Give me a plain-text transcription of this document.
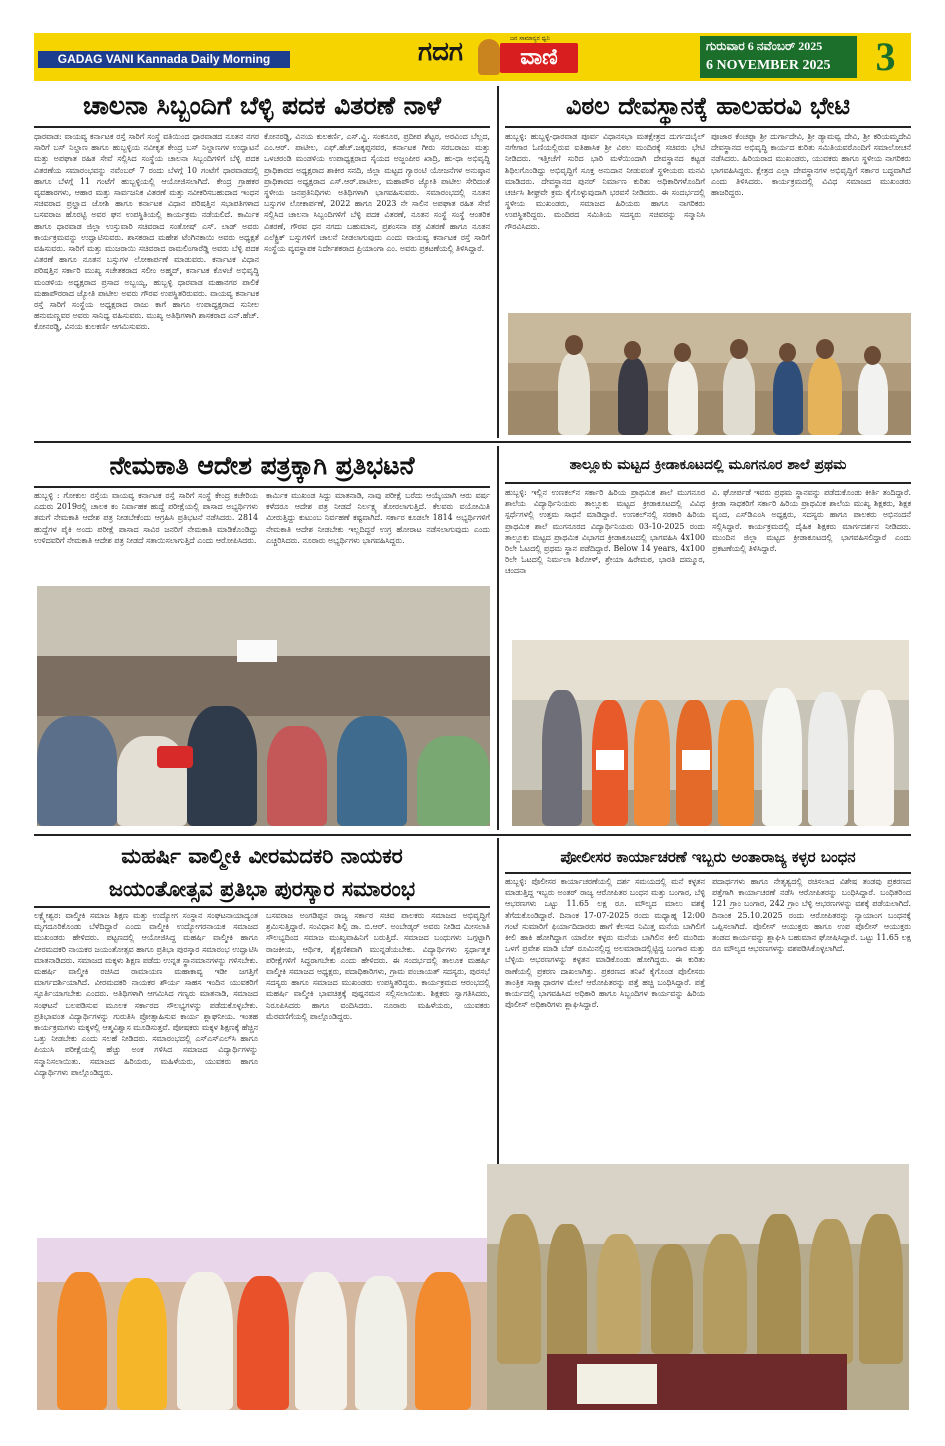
GADAG VANI Kannada Daily Morning	ಗದಗ	ಜನ ಸಾಮಾನ್ಯರ ಧ್ವನಿ
ವಾಣಿ	ಗುರುವಾರ 6 ನವೆಂಬರ್ 2025
6 NOVEMBER 2025	3
ಚಾಲನಾ ಸಿಬ್ಬಂದಿಗೆ ಬೆಳ್ಳಿ ಪದಕ ವಿತರಣೆ ನಾಳೆ
ಧಾರವಾಡ: ವಾಯವ್ಯ ಕರ್ನಾಟಕ ರಸ್ತೆ ಸಾರಿಗೆ ಸಂಸ್ಥೆ ವತಿಯಿಂದ ಧಾರವಾಡದ ನೂತನ ನಗರ ಸಾರಿಗೆ ಬಸ್ ನಿಲ್ದಾಣ ಹಾಗೂ ಹುಬ್ಬಳ್ಳಿಯ ನವೀಕೃತ ಕೇಂದ್ರ ಬಸ್ ನಿಲ್ದಾಣಗಳ ಉದ್ಘಾಟನೆ ಮತ್ತು ಅಪಘಾತ ರಹಿತ ಸೇವೆ ಸಲ್ಲಿಸಿದ ಸಂಸ್ಥೆಯ ಚಾಲನಾ ಸಿಬ್ಬಂದಿಗಳಿಗೆ ಬೆಳ್ಳಿ ಪದಕ ವಿತರಣೆಯ ಸಮಾರಂಭವನ್ನು ನವೆಂಬರ್ 7 ರಂದು ಬೆಳಗ್ಗೆ 10 ಗಂಟೆಗೆ ಧಾರವಾಡದಲ್ಲಿ ಹಾಗೂ ಬೆಳಗ್ಗೆ 11 ಗಂಟೆಗೆ ಹುಬ್ಬಳ್ಳಿಯಲ್ಲಿ ಆಯೋಜಿಸಲಾಗಿದೆ. ಕೇಂದ್ರ ಗ್ರಾಹಕರ ವ್ಯವಹಾರಗಳು, ಆಹಾರ ಮತ್ತು ಸಾರ್ವಜನಿಕ ವಿತರಣೆ ಮತ್ತು ನವೀಕರಿಸಬಹುದಾದ ಇಂಧನ ಸಚಿವರಾದ ಪ್ರಲ್ಹಾದ ಜೋಶಿ ಹಾಗೂ ಕರ್ನಾಟಕ ವಿಧಾನ ಪರಿಷತ್ತಿನ ಸಭಾಪತಿಗಳಾದ ಬಸವರಾಜ ಹೊರಟ್ಟಿ ಅವರ ಘನ ಉಪಸ್ಥಿತಿಯಲ್ಲಿ ಕಾರ್ಯಕ್ರಮ ನಡೆಯಲಿದೆ. ಕಾರ್ಮಿಕ ಹಾಗೂ ಧಾರವಾಡ ಜಿಲ್ಲಾ ಉಸ್ತುವಾರಿ ಸಚಿವರಾದ ಸಂತೋಷ್ ಎಸ್. ಲಾಡ್ ಅವರು ಕಾರ್ಯಕ್ರಮವನ್ನು ಉದ್ಘಾಟಿಸುವರು. ಶಾಸಕರಾದ ಮಹೇಶ ಟೆಂಗಿನಕಾಯಿ ಅವರು ಅಧ್ಯಕ್ಷತೆ ವಹಿಸುವರು. ಸಾರಿಗೆ ಮತ್ತು ಮುಜರಾಯಿ ಸಚಿವರಾದ ರಾಮಲಿಂಗಾರೆಡ್ಡಿ ಅವರು ಬೆಳ್ಳಿ ಪದಕ ವಿತರಣೆ ಹಾಗೂ ನೂತನ ಬಸ್ಸುಗಳ ಲೋಕಾರ್ಪಣೆ ಮಾಡುವರು. ಕರ್ನಾಟಕ ವಿಧಾನ ಪರಿಷತ್ತಿನ ಸರ್ಕಾರಿ ಮುಖ್ಯ ಸಚೇತಕರಾದ ಸಲೀಂ ಅಹ್ಮದ್, ಕರ್ನಾಟಕ ಕೊಳಚೆ ಅಭಿವೃದ್ಧಿ ಮಂಡಳಿಯ ಅಧ್ಯಕ್ಷರಾದ ಪ್ರಸಾದ ಅಬ್ಬಯ್ಯ, ಹುಬ್ಬಳ್ಳಿ ಧಾರವಾಡ ಮಹಾನಗರ ಪಾಲಿಕೆ ಮಹಾಪೌರರಾದ ಜ್ಯೋತಿ ಪಾಟೀಲ ಅವರು ಗೌರವ ಉಪಸ್ಥಿತರಿರುವರು. ವಾಯವ್ಯ ಕರ್ನಾಟಕ ರಸ್ತೆ ಸಾರಿಗೆ ಸಂಸ್ಥೆಯ ಅಧ್ಯಕ್ಷರಾದ ರಾಜು ಕಾಗೆ ಹಾಗೂ ಉಪಾಧ್ಯಕ್ಷರಾದ ಸುನೀಲ ಹನುಮಣ್ಣವರ ಅವರು ಸಾನಿಧ್ಯ ವಹಿಸುವರು. ಮುಖ್ಯ ಅತಿಥಿಗಳಾಗಿ ಶಾಸಕರಾದ ಎನ್.ಹೆಚ್. ಕೋನರಡ್ಡಿ, ವಿನಯ ಕುಲಕರ್ಣಿ ಆಗಮಿಸುವರು.
ಕೋನರಡ್ಡಿ, ವಿನಯ ಕುಲಕರ್ಣಿ, ಎಸ್.ವ್ಹಿ. ಸಂಕನೂರ, ಪ್ರದೀಪ ಶೆಟ್ಟರ, ಅರವಿಂದ ಬೆಲ್ಲದ, ಎಂ.ಆರ್. ಪಾಟೀಲ, ಎಫ್.ಹೆಚ್.ಜಕ್ಕಪ್ಪನವರ, ಕರ್ನಾಟಕ ಗೀರು ಸರಬರಾಜು ಮತ್ತು ಒಳಚರಂಡಿ ಮಂಡಳಿಯ ಉಪಾಧ್ಯಕ್ಷರಾದ ಸೈಯದ ಅಜ್ಜಂಪೀರ ಖಾದ್ರಿ, ಹು-ಧಾ ಅಭಿವೃದ್ಧಿ ಪ್ರಾಧಿಕಾರದ ಅಧ್ಯಕ್ಷರಾದ ಶಾಕೀರ ಸನದಿ, ಜಿಲ್ಲಾ ಮಟ್ಟದ ಗ್ಯಾರಂಟಿ ಯೋಜನೆಗಳ ಅನುಷ್ಠಾನ ಪ್ರಾಧಿಕಾರದ ಅಧ್ಯಕ್ಷರಾದ ಎಸ್.ಆರ್.ಪಾಟೀಲ, ಮಹಾಪೌರ ಜ್ಯೋತಿ ಪಾಟೀಲ ಸೇರಿದಂತೆ ಸ್ಥಳೀಯ ಜನಪ್ರತಿನಿಧಿಗಳು ಅತಿಥಿಗಳಾಗಿ ಭಾಗವಹಿಸುವರು. ಸಮಾರಂಭದಲ್ಲಿ ನೂತನ ಬಸ್ಸುಗಳ ಲೋಕಾರ್ಪಣೆ, 2022 ಹಾಗೂ 2023 ನೇ ಸಾಲಿನ ಅಪಘಾತ ರಹಿತ ಸೇವೆ ಸಲ್ಲಿಸಿದ ಚಾಲನಾ ಸಿಬ್ಬಂದಿಗಳಿಗೆ ಬೆಳ್ಳಿ ಪದಕ ವಿತರಣೆ, ನೂತನ ಸಂಸ್ಥೆ ಸಂಸ್ಥೆ ಆಂತರಿಕ ವಿತರಣೆ, ಗೌರವ ಧನ ನಗದು ಬಹುಮಾನ, ಪ್ರಶಂಸನಾ ಪತ್ರ ವಿತರಣೆ ಹಾಗೂ ನೂತನ ಎಲೆಕ್ಟ್ರಿಕ್ ಬಸ್ಸುಗಳಿಗೆ ಚಾಲನೆ ನೀಡಲಾಗುವುದು ಎಂದು ವಾಯವ್ಯ ಕರ್ನಾಟಕ ರಸ್ತೆ ಸಾರಿಗೆ ಸಂಸ್ಥೆಯ ವ್ಯವಸ್ಥಾಪಕ ನಿರ್ದೇಶಕರಾದ ಪ್ರಿಯಾಂಗಾ ಎಂ. ಅವರು ಪ್ರಕಟಣೆಯಲ್ಲಿ ತಿಳಿಸಿದ್ದಾರೆ.
ವಿಠಲ ದೇವಸ್ಥಾನಕ್ಕೆ ಹಾಲಹರವಿ ಭೇಟಿ
ಹುಬ್ಬಳ್ಳಿ: ಹುಬ್ಬಳ್ಳಿ-ಧಾರವಾಡ ಪೂರ್ವ ವಿಧಾನಸಭಾ ಮತಕ್ಷೇತ್ರದ ದುರ್ಗದಬೈಲ್ ನಗೇಗಾರ ಓಣಿಯಲ್ಲಿರುವ ಐತಿಹಾಸಿಕ ಶ್ರೀ ವಿಠಲ ಮಂದಿರಕ್ಕೆ ಸಚಿವರು ಭೇಟಿ ನೀಡಿದರು. ಇತ್ತೀಚೆಗೆ ಸುರಿದ ಭಾರಿ ಮಳೆಯಿಂದಾಗಿ ದೇವಸ್ಥಾನದ ಕಟ್ಟಡ ಶಿಥಿಲಗೊಂಡಿದ್ದು ಅಭಿವೃದ್ಧಿಗೆ ಸೂಕ್ತ ಅನುದಾನ ನೀಡುವಂತೆ ಸ್ಥಳೀಯರು ಮನವಿ ಮಾಡಿದರು. ದೇವಸ್ಥಾನದ ಪುನರ್ ನಿರ್ಮಾಣ ಕುರಿತು ಅಧಿಕಾರಿಗಳೊಂದಿಗೆ ಚರ್ಚಿಸಿ ಶೀಘ್ರವೇ ಕ್ರಮ ಕೈಗೊಳ್ಳುವುದಾಗಿ ಭರವಸೆ ನೀಡಿದರು. ಈ ಸಂದರ್ಭದಲ್ಲಿ ಸ್ಥಳೀಯ ಮುಖಂಡರು, ಸಮಾಜದ ಹಿರಿಯರು ಹಾಗೂ ನಾಗರಿಕರು ಉಪಸ್ಥಿತರಿದ್ದರು. ಮಂದಿರದ ಸಮಿತಿಯ ಸದಸ್ಯರು ಸಚಿವರನ್ನು ಸನ್ಮಾನಿಸಿ ಗೌರವಿಸಿದರು.
ಪೂಜಾರ ಕೆಂಚಪ್ಪಾ ಶ್ರೀ ದುರ್ಗಾದೇವಿ, ಶ್ರೀ ಡ್ಯಾಮವ್ವ ದೇವಿ, ಶ್ರೀ ಕರಿಯಮ್ಮದೇವಿ ದೇವಸ್ಥಾನದ ಅಭಿವೃದ್ಧಿ ಕಾರ್ಯದ ಕುರಿತು ಸಮಿತಿಯವರೊಂದಿಗೆ ಸಮಾಲೋಚನೆ ನಡೆಸಿದರು. ಹಿರಿಯರಾದ ಮುಖಂಡರು, ಯುವಕರು ಹಾಗೂ ಸ್ಥಳೀಯ ನಾಗರಿಕರು ಭಾಗವಹಿಸಿದ್ದರು. ಕ್ಷೇತ್ರದ ಎಲ್ಲಾ ದೇವಸ್ಥಾನಗಳ ಅಭಿವೃದ್ಧಿಗೆ ಸರ್ಕಾರ ಬದ್ಧವಾಗಿದೆ ಎಂದು ತಿಳಿಸಿದರು. ಕಾರ್ಯಕ್ರಮದಲ್ಲಿ ವಿವಿಧ ಸಮಾಜದ ಮುಖಂಡರು ಹಾಜರಿದ್ದರು.
ನೇಮಕಾತಿ ಆದೇಶ ಪತ್ರಕ್ಕಾಗಿ ಪ್ರತಿಭಟನೆ
ಹುಬ್ಬಳ್ಳಿ : ಗೋಕುಲ ರಸ್ತೆಯ ವಾಯವ್ಯ ಕರ್ನಾಟಕ ರಸ್ತೆ ಸಾರಿಗೆ ಸಂಸ್ಥೆ ಕೇಂದ್ರ ಕಚೇರಿಯ ಎದುರು 2019ರಲ್ಲಿ ಚಾಲಕ ಕಂ ನಿರ್ವಾಹಕ ಹುದ್ದೆ ಪರೀಕ್ಷೆಯಲ್ಲಿ ಪಾಸಾದ ಅಭ್ಯರ್ಥಿಗಳು ತಮಗೆ ನೇಮಕಾತಿ ಆದೇಶ ಪತ್ರ ನೀಡಬೇಕೆಂದು ಆಗ್ರಹಿಸಿ ಪ್ರತಿಭಟನೆ ನಡೆಸಿದರು. 2814 ಹುದ್ದೆಗಳ ಪೈಕಿ ಅಂದು ಪರೀಕ್ಷೆ ಪಾಸಾದ ಸಾವಿರ ಜನರಿಗೆ ನೇಮಕಾತಿ ಮಾಡಿಕೊಂಡಿದ್ದು ಉಳಿದವರಿಗೆ ನೇಮಕಾತಿ ಆದೇಶ ಪತ್ರ ನೀಡದೆ ಸತಾಯಿಸಲಾಗುತ್ತಿದೆ ಎಂದು ಆರೋಪಿಸಿದರು.
ಕಾರ್ಮಿಕ ಮುಖಂಡ ಸಿದ್ದು ಮಾತನಾಡಿ, ನಾವು ಪರೀಕ್ಷೆ ಬರೆದು ಆಯ್ಕೆಯಾಗಿ ಆರು ವರ್ಷ ಕಳೆದರೂ ಆದೇಶ ಪತ್ರ ನೀಡದೆ ನಿರ್ಲಕ್ಷ್ಯ ತೋರಲಾಗುತ್ತಿದೆ. ಕೆಲವರು ವಯೋಮಿತಿ ಮೀರುತ್ತಿದ್ದು ಕುಟುಂಬ ನಿರ್ವಹಣೆ ಕಷ್ಟವಾಗಿದೆ. ಸರ್ಕಾರ ಕೂಡಲೇ 1814 ಅಭ್ಯರ್ಥಿಗಳಿಗೆ ನೇಮಕಾತಿ ಆದೇಶ ನೀಡಬೇಕು ಇಲ್ಲದಿದ್ದರೆ ಉಗ್ರ ಹೋರಾಟ ನಡೆಸಲಾಗುವುದು ಎಂದು ಎಚ್ಚರಿಸಿದರು. ನೂರಾರು ಅಭ್ಯರ್ಥಿಗಳು ಭಾಗವಹಿಸಿದ್ದರು.
ತಾಲ್ಲೂಕು ಮಟ್ಟದ ಕ್ರೀಡಾಕೂಟದಲ್ಲಿ ಮೂಗನೂರ ಶಾಲೆ ಪ್ರಥಮ
ಹುಬ್ಬಳ್ಳಿ: ಇಲ್ಲಿನ ಉಣಕಲ್‌ನ ಸರ್ಕಾರಿ ಹಿರಿಯ ಪ್ರಾಥಮಿಕ ಶಾಲೆ ಮುಗನೂರ ಶಾಲೆಯ ವಿದ್ಯಾರ್ಥಿನಿಯರು ತಾಲ್ಲೂಕು ಮಟ್ಟದ ಕ್ರೀಡಾಕೂಟದಲ್ಲಿ ವಿವಿಧ ಸ್ಪರ್ಧೆಗಳಲ್ಲಿ ಉತ್ತಮ ಸಾಧನೆ ಮಾಡಿದ್ದಾರೆ. ಉಣಕಲ್‌ನಲ್ಲಿ ಸರಕಾರಿ ಹಿರಿಯ ಪ್ರಾಥಮಿಕ ಶಾಲೆ ಮುಗನೂರದ ವಿದ್ಯಾರ್ಥಿನಿಯರು 03-10-2025 ರಂದು ತಾಲ್ಲೂಕು ಮಟ್ಟದ ಪ್ರಾಥಮಿಕ ವಿಭಾಗದ ಕ್ರೀಡಾಕೂಟದಲ್ಲಿ ಭಾಗವಹಿಸಿ 4x100 ರಿಲೇ ಓಟದಲ್ಲಿ ಪ್ರಥಮ ಸ್ಥಾನ ಪಡೆದಿದ್ದಾರೆ. Below 14 years, 4x100 ರಿಲೇ ಓಟದಲ್ಲಿ ನಿರ್ಮಲಾ ಶಿರೋಳ್, ಶ್ರೇಯಾ ಹಿರೇಮಠ, ಭಾರತಿ ದಮ್ಮೂರ, ಚಂದನಾ
ವಿ. ಘೋರ್ಪಡೆ ಇವರು ಪ್ರಥಮ ಸ್ಥಾನವನ್ನು ಪಡೆದುಕೊಂಡು ಕೀರ್ತಿ ತಂದಿದ್ದಾರೆ. ಕ್ರೀಡಾ ಸಾಧಕರಿಗೆ ಸರ್ಕಾರಿ ಹಿರಿಯ ಪ್ರಾಥಮಿಕ ಶಾಲೆಯ ಮುಖ್ಯ ಶಿಕ್ಷಕರು, ಶಿಕ್ಷಕ ವೃಂದ, ಎಸ್‌ಡಿಎಂಸಿ ಅಧ್ಯಕ್ಷರು, ಸದಸ್ಯರು ಹಾಗೂ ಪಾಲಕರು ಅಭಿನಂದನೆ ಸಲ್ಲಿಸಿದ್ದಾರೆ. ಕಾರ್ಯಕ್ರಮದಲ್ಲಿ ದೈಹಿಕ ಶಿಕ್ಷಕರು ಮಾರ್ಗದರ್ಶನ ನೀಡಿದರು. ಮುಂದಿನ ಜಿಲ್ಲಾ ಮಟ್ಟದ ಕ್ರೀಡಾಕೂಟದಲ್ಲಿ ಭಾಗವಹಿಸಲಿದ್ದಾರೆ ಎಂದು ಪ್ರಕಟಣೆಯಲ್ಲಿ ತಿಳಿಸಿದ್ದಾರೆ.
ಮಹರ್ಷಿ ವಾಲ್ಮೀಕಿ ವೀರಮದಕರಿ ನಾಯಕರ
ಜಯಂತೋತ್ಸವ ಪ್ರತಿಭಾ ಪುರಸ್ಕಾರ ಸಮಾರಂಭ
ಲಕ್ಷ್ಮೇಶ್ವರ: ವಾಲ್ಮೀಕಿ ಸಮಾಜ ಶಿಕ್ಷಣ ಮತ್ತು ಉದ್ಯೋಗ ಸಂಸ್ಥಾನ ಸಂಘಟನಾಯಾದ್ಯಂತ ಮೃಗದೂರಿಕೊಂಡು ಬೆಳೆದಿದ್ದಾರೆ ಎಂದು ವಾಲ್ಮೀಕಿ ಉದ್ಯೋಗರನಾಯಕ ಸಮಾಜದ ಮುಖಂಡರು ಹೇಳಿದರು. ಪಟ್ಟಣದಲ್ಲಿ ಆಯೋಜಿಸಿದ್ದ ಮಹರ್ಷಿ ವಾಲ್ಮೀಕಿ ಹಾಗೂ ವೀರಮದಕರಿ ನಾಯಕರ ಜಯಂತೋತ್ಸವ ಹಾಗೂ ಪ್ರತಿಭಾ ಪುರಸ್ಕಾರ ಸಮಾರಂಭ ಉದ್ಘಾಟಿಸಿ ಮಾತನಾಡಿದರು. ಸಮಾಜದ ಮಕ್ಕಳು ಶಿಕ್ಷಣ ಪಡೆದು ಉನ್ನತ ಸ್ಥಾನಮಾನಗಳನ್ನು ಗಳಿಸಬೇಕು. ಮಹರ್ಷಿ ವಾಲ್ಮೀಕಿ ರಚಿಸಿದ ರಾಮಾಯಣ ಮಹಾಕಾವ್ಯ ಇಡೀ ಜಗತ್ತಿಗೆ ಮಾರ್ಗದರ್ಶಿಯಾಗಿದೆ. ವೀರಮದಕರಿ ನಾಯಕರ ಶೌರ್ಯ ಸಾಹಸ ಇಂದಿನ ಯುವಕರಿಗೆ ಸ್ಫೂರ್ತಿಯಾಗಬೇಕು ಎಂದರು. ಅತಿಥಿಗಳಾಗಿ ಆಗಮಿಸಿದ ಗಣ್ಯರು ಮಾತನಾಡಿ, ಸಮಾಜದ ಸಂಘಟನೆ ಬಲಪಡಿಸುವ ಮೂಲಕ ಸರ್ಕಾರದ ಸೌಲಭ್ಯಗಳನ್ನು ಪಡೆದುಕೊಳ್ಳಬೇಕು. ಪ್ರತಿಭಾವಂತ ವಿದ್ಯಾರ್ಥಿಗಳನ್ನು ಗುರುತಿಸಿ ಪ್ರೋತ್ಸಾಹಿಸುವ ಕಾರ್ಯ ಶ್ಲಾಘನೀಯ. ಇಂತಹ ಕಾರ್ಯಕ್ರಮಗಳು ಮಕ್ಕಳಲ್ಲಿ ಆತ್ಮವಿಶ್ವಾಸ ಮೂಡಿಸುತ್ತವೆ. ಪೋಷಕರು ಮಕ್ಕಳ ಶಿಕ್ಷಣಕ್ಕೆ ಹೆಚ್ಚಿನ ಒತ್ತು ನೀಡಬೇಕು ಎಂದು ಸಲಹೆ ನೀಡಿದರು. ಸಮಾರಂಭದಲ್ಲಿ ಎಸ್‌ಎಸ್‌ಎಲ್‌ಸಿ ಹಾಗೂ ಪಿಯುಸಿ ಪರೀಕ್ಷೆಯಲ್ಲಿ ಹೆಚ್ಚು ಅಂಕ ಗಳಿಸಿದ ಸಮಾಜದ ವಿದ್ಯಾರ್ಥಿಗಳನ್ನು ಸನ್ಮಾನಿಸಲಾಯಿತು. ಸಮಾಜದ ಹಿರಿಯರು, ಮಹಿಳೆಯರು, ಯುವಕರು ಹಾಗೂ ವಿದ್ಯಾರ್ಥಿಗಳು ಪಾಲ್ಗೊಂಡಿದ್ದರು.
ಬಸವರಾಜ ಅಂಗಡಿಪ್ಪನ ರಾಜ್ಯ ಸರ್ಕಾರ ಸಚಿವ ಪಾಲಕರು ಸಮಾಜದ ಅಭಿವೃದ್ಧಿಗೆ ಶ್ರಮಿಸುತ್ತಿದ್ದಾರೆ. ಸಂವಿಧಾನ ಶಿಲ್ಪಿ ಡಾ. ಬಿ.ಆರ್. ಅಂಬೇಡ್ಕರ್ ಅವರು ನೀಡಿದ ಮೀಸಲಾತಿ ಸೌಲಭ್ಯದಿಂದ ಸಮಾಜ ಮುಖ್ಯವಾಹಿನಿಗೆ ಬರುತ್ತಿದೆ. ಸಮಾಜದ ಬಂಧುಗಳು ಒಗ್ಗಟ್ಟಾಗಿ ರಾಜಕೀಯ, ಆರ್ಥಿಕ, ಶೈಕ್ಷಣಿಕವಾಗಿ ಮುನ್ನಡೆಯಬೇಕು. ವಿದ್ಯಾರ್ಥಿಗಳು ಸ್ಪರ್ಧಾತ್ಮಕ ಪರೀಕ್ಷೆಗಳಿಗೆ ಸಿದ್ಧರಾಗಬೇಕು ಎಂದು ಹೇಳಿದರು. ಈ ಸಂದರ್ಭದಲ್ಲಿ ತಾಲೂಕ ಮಹರ್ಷಿ ವಾಲ್ಮೀಕಿ ಸಮಾಜದ ಅಧ್ಯಕ್ಷರು, ಪದಾಧಿಕಾರಿಗಳು, ಗ್ರಾಮ ಪಂಚಾಯತ್ ಸದಸ್ಯರು, ಪುರಸಭೆ ಸದಸ್ಯರು ಹಾಗೂ ಸಮಾಜದ ಮುಖಂಡರು ಉಪಸ್ಥಿತರಿದ್ದರು. ಕಾರ್ಯಕ್ರಮದ ಆರಂಭದಲ್ಲಿ ಮಹರ್ಷಿ ವಾಲ್ಮೀಕಿ ಭಾವಚಿತ್ರಕ್ಕೆ ಪುಷ್ಪನಮನ ಸಲ್ಲಿಸಲಾಯಿತು. ಶಿಕ್ಷಕರು ಸ್ವಾಗತಿಸಿದರು, ನಿರೂಪಿಸಿದರು ಹಾಗೂ ವಂದಿಸಿದರು. ನೂರಾರು ಮಹಿಳೆಯರು, ಯುವಕರು ಮೆರವಣಿಗೆಯಲ್ಲಿ ಪಾಲ್ಗೊಂಡಿದ್ದರು.
ಪೋಲೀಸರ ಕಾರ್ಯಾಚರಣೆ ಇಬ್ಬರು ಅಂತಾರಾಜ್ಯ ಕಳ್ಳರ ಬಂಧನ
ಹುಬ್ಬಳ್ಳಿ: ಪೊಲೀಸರ ಕಾರ್ಯಾಚರಣೆಯಲ್ಲಿ ದರ್ಶ ಸಮಯದಲ್ಲಿ ಮನೆ ಕಳ್ಳತನ ಮಾಡುತ್ತಿದ್ದ ಇಬ್ಬರು ಅಂತರ್ ರಾಜ್ಯ ಆರೋಪಿತರ ಬಂಧನ ಮತ್ತು ಬಂಗಾರ, ಬೆಳ್ಳಿ ಆಭರಣಗಳು ಒಟ್ಟು 11.65 ಲಕ್ಷ ರೂ. ಮೌಲ್ಯದ ಮಾಲು ವಶಕ್ಕೆ ತೆಗೆದುಕೊಂಡಿದ್ದಾರೆ. ದಿನಾಂಕ 17-07-2025 ರಂದು ಮಧ್ಯಾಹ್ನ 12:00 ಗಂಟೆ ಸುಮಾರಿಗೆ ಫಿರ್ಯಾದಿದಾರರು ಹಾಗೆ ಕೆಲಸದ ನಿಮಿತ್ತ ಮನೆಯ ಬಾಗಿಲಿಗೆ ಕೀಲಿ ಹಾಕಿ ಹೋಗಿದ್ದಾಗ ಯಾರೋ ಕಳ್ಳರು ಮನೆಯ ಬಾಗಿಲಿನ ಕೀಲಿ ಮುರಿದು ಒಳಗೆ ಪ್ರವೇಶ ಮಾಡಿ ಬೆಡ್ ರೂಮಿನಲ್ಲಿದ್ದ ಅಲಮಾರಾದಲ್ಲಿಟ್ಟಿದ್ದ ಬಂಗಾರ ಮತ್ತು ಬೆಳ್ಳಿಯ ಆಭರಣಗಳನ್ನು ಕಳ್ಳತನ ಮಾಡಿಕೊಂಡು ಹೋಗಿದ್ದರು. ಈ ಕುರಿತು ಠಾಣೆಯಲ್ಲಿ ಪ್ರಕರಣ ದಾಖಲಾಗಿತ್ತು. ಪ್ರಕರಣದ ತನಿಖೆ ಕೈಗೊಂಡ ಪೊಲೀಸರು ತಾಂತ್ರಿಕ ಸಾಕ್ಷ್ಯಾಧಾರಗಳ ಮೇಲೆ ಆರೋಪಿತರನ್ನು ಪತ್ತೆ ಹಚ್ಚಿ ಬಂಧಿಸಿದ್ದಾರೆ. ಪತ್ತೆ ಕಾರ್ಯದಲ್ಲಿ ಭಾಗವಹಿಸಿದ ಅಧಿಕಾರಿ ಹಾಗೂ ಸಿಬ್ಬಂದಿಗಳ ಕಾರ್ಯವನ್ನು ಹಿರಿಯ ಪೊಲೀಸ್ ಅಧಿಕಾರಿಗಳು ಶ್ಲಾಘಿಸಿದ್ದಾರೆ.
ಪದಾರ್ಥಗಳು ಹಾಗೂ ನೇತೃತ್ವದಲ್ಲಿ ರಚಿಸಲಾದ ವಿಶೇಷ ತಂಡವು ಪ್ರಕರಣದ ಪತ್ತೆಗಾಗಿ ಕಾರ್ಯಾಚರಣೆ ನಡೆಸಿ ಆರೋಪಿತರನ್ನು ಬಂಧಿಸಿದ್ದಾರೆ. ಬಂಧಿತರಿಂದ 121 ಗ್ರಾಂ ಬಂಗಾರ, 242 ಗ್ರಾಂ ಬೆಳ್ಳಿ ಆಭರಣಗಳನ್ನು ವಶಕ್ಕೆ ಪಡೆಯಲಾಗಿದೆ. ದಿನಾಂಕ 25.10.2025 ರಂದು ಆರೋಪಿತರನ್ನು ನ್ಯಾಯಾಂಗ ಬಂಧನಕ್ಕೆ ಒಪ್ಪಿಸಲಾಗಿದೆ. ಪೊಲೀಸ್ ಆಯುಕ್ತರು ಹಾಗೂ ಉಪ ಪೊಲೀಸ್ ಆಯುಕ್ತರು ತಂಡದ ಕಾರ್ಯವನ್ನು ಶ್ಲಾಘಿಸಿ ಬಹುಮಾನ ಘೋಷಿಸಿದ್ದಾರೆ. ಒಟ್ಟು 11.65 ಲಕ್ಷ ರೂ ಮೌಲ್ಯದ ಆಭರಣಗಳನ್ನು ವಶಪಡಿಸಿಕೊಳ್ಳಲಾಗಿದೆ.
